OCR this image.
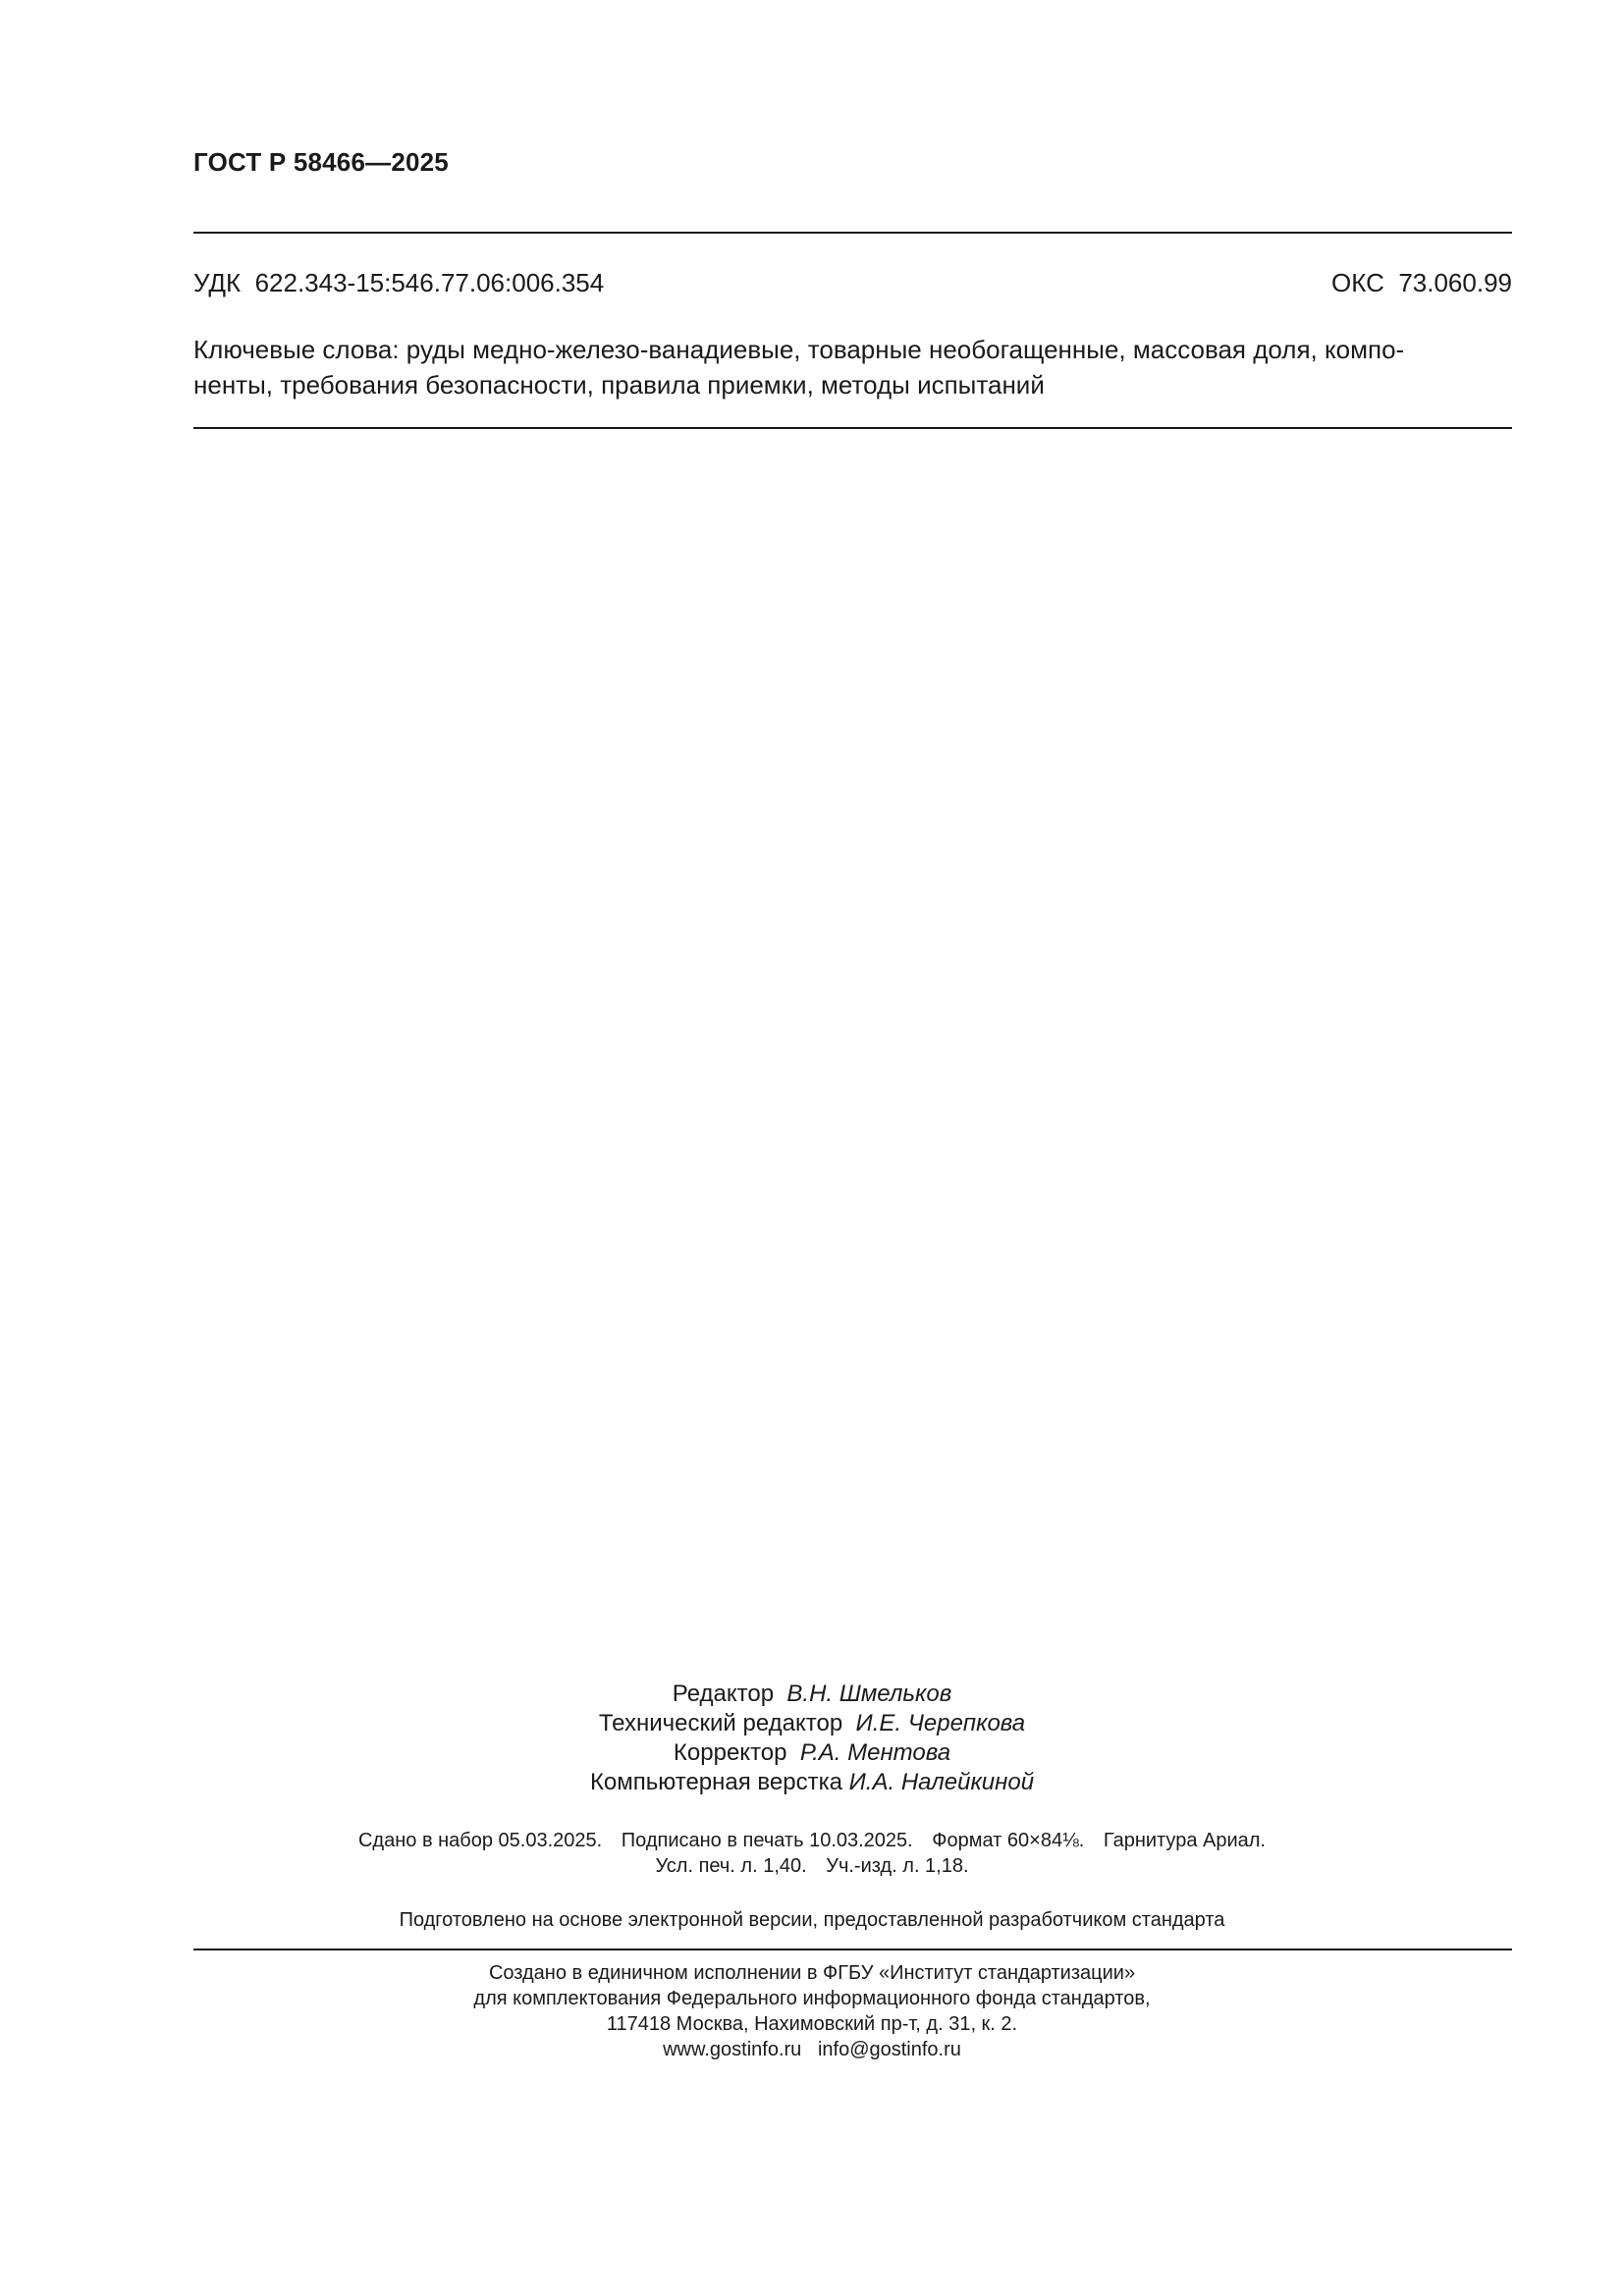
ГОСТ Р 58466—2025
УДК 622.343-15:546.77.06:006.354	ОКС 73.060.99
Ключевые слова: руды медно-железо-ванадиевые, товарные необогащенные, массовая доля, компо-
ненты, требования безопасности, правила приемки, методы испытаний
Редактор В.Н. Шмельков
Технический редактор И.Е. Черепкова
Корректор Р.А. Ментова
Компьютерная верстка И.А. Налейкиной
Сдано в набор 05.03.2025. Подписано в печать 10.03.2025. Формат 60×84⅛. Гарнитура Ариал.
Усл. печ. л. 1,40. Уч.-изд. л. 1,18.
Подготовлено на основе электронной версии, предоставленной разработчиком стандарта
Создано в единичном исполнении в ФГБУ «Институт стандартизации»
для комплектования Федерального информационного фонда стандартов,
117418 Москва, Нахимовский пр-т, д. 31, к. 2.
www.gostinfo.ru info@gostinfo.ru
